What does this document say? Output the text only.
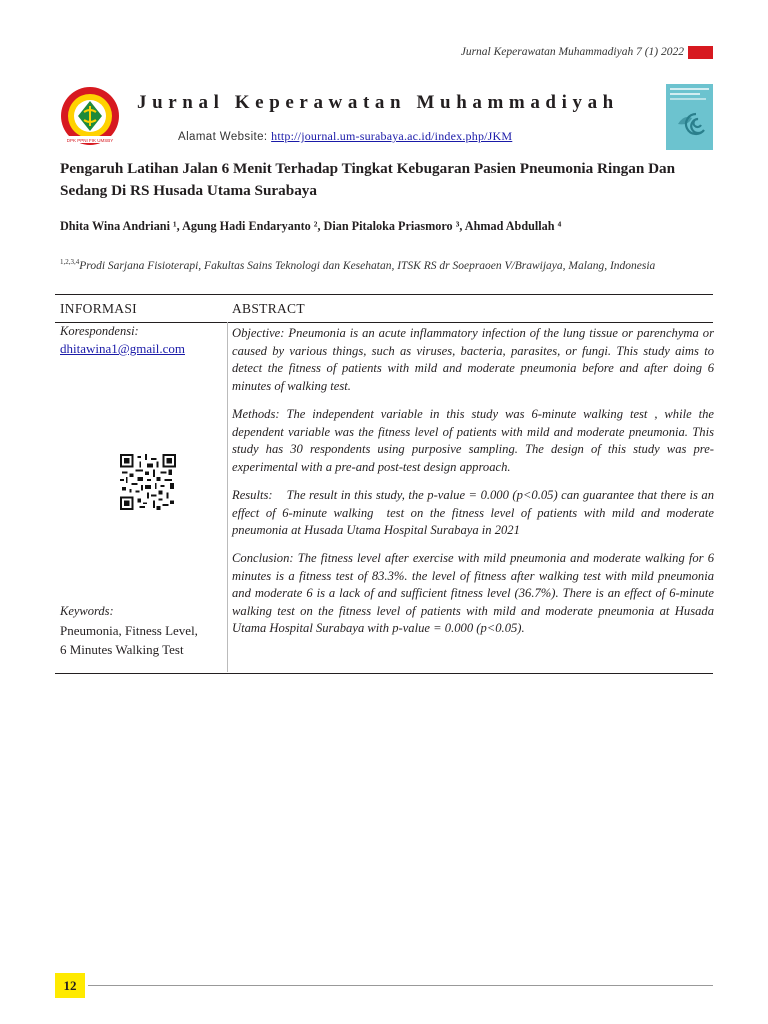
Jurnal Keperawatan Muhammadiyah 7 (1) 2022
DPK PPNI FIK UMSBY
Jurnal Keperawatan Muhammadiyah
Alamat Website: http://journal.um-surabaya.ac.id/index.php/JKM
Pengaruh Latihan Jalan 6 Menit Terhadap Tingkat Kebugaran Pasien Pneumonia Ringan Dan Sedang Di RS Husada Utama Surabaya
Dhita Wina Andriani ¹, Agung Hadi Endaryanto ², Dian Pitaloka Priasmoro ³, Ahmad Abdullah ⁴
$^{1,2,3,4}$Prodi Sarjana Fisioterapi, Fakultas Sains Teknologi dan Kesehatan, ITSK RS dr Soepraoen V/Brawijaya, Malang, Indonesia
INFORMASI	ABSTRACT
Korespondensi:
dhitawina1@gmail.com
Keywords:
Pneumonia, Fitness Level,
6 Minutes Walking Test

Objective: Pneumonia is an acute inflammatory infection of the lung tissue or parenchyma or caused by various things, such as viruses, bacteria, parasites, or fungi. This study aims to detect the fitness of patients with mild and moderate pneumonia before and after doing 6 minutes of walking test.

Methods: The independent variable in this study was 6-minute walking test , while the dependent variable was the fitness level of patients with mild and moderate pneumonia. This study has 30 respondents using purposive sampling. The design of this study was pre-experimental with a pre-and post-test design approach.

Results:    The result in this study, the p-value = 0.000 (p<0.05) can guarantee that there is an effect of 6-minute walking  test on the fitness level of patients with mild and moderate pneumonia at Husada Utama Hospital Surabaya in 2021

Conclusion: The fitness level after exercise with mild pneumonia and moderate walking for 6 minutes is a fitness test of 83.3%. the level of fitness after walking test with mild pneumonia and moderate 6 is a lack of and sufficient fitness level (36.7%). There is an effect of 6-minute walking test on the fitness level of patients with mild and moderate pneumonia at Husada Utama Hospital Surabaya with p-value = 0.000 (p<0.05).

12
